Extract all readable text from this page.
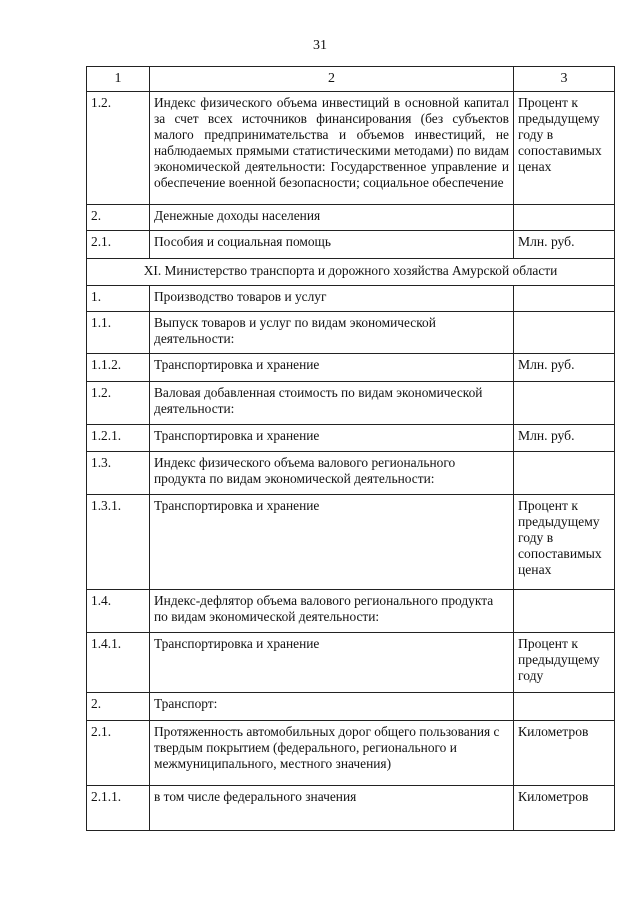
31
1	2	3
1.2.	Индекс физического объема инвестиций в основной капитал за счет всех источников финансирования (без субъектов малого предпринимательства и объемов инвестиций, не наблюдаемых прямыми статистическими методами) по видам экономической деятельности: Государственное управление и обеспечение военной безопасности; социальное обеспечение	Процент к предыдущему году в сопоставимых ценах
2.	Денежные доходы населения	
2.1.	Пособия и социальная помощь	Млн. руб.
XI. Министерство транспорта и дорожного хозяйства Амурской области		
1.	Производство товаров и услуг	
1.1.	Выпуск товаров и услуг по видам экономической деятельности:	
1.1.2.	Транспортировка и хранение	Млн. руб.
1.2.	Валовая добавленная стоимость по видам экономической деятельности:	
1.2.1.	Транспортировка и хранение	Млн. руб.
1.3.	Индекс физического объема валового регионального продукта по видам экономической деятельности:	
1.3.1.	Транспортировка и хранение	Процент к предыдущему году в сопоставимых ценах
1.4.	Индекс-дефлятор объема валового регионального продукта по видам экономической деятельности:	
1.4.1.	Транспортировка и хранение	Процент к предыдущему году
2.	Транспорт:	
2.1.	Протяженность автомобильных дорог общего пользования с твердым покрытием (федерального, регионального и межмуниципального, местного значения)	Километров
2.1.1.	в том числе федерального значения	Километров
